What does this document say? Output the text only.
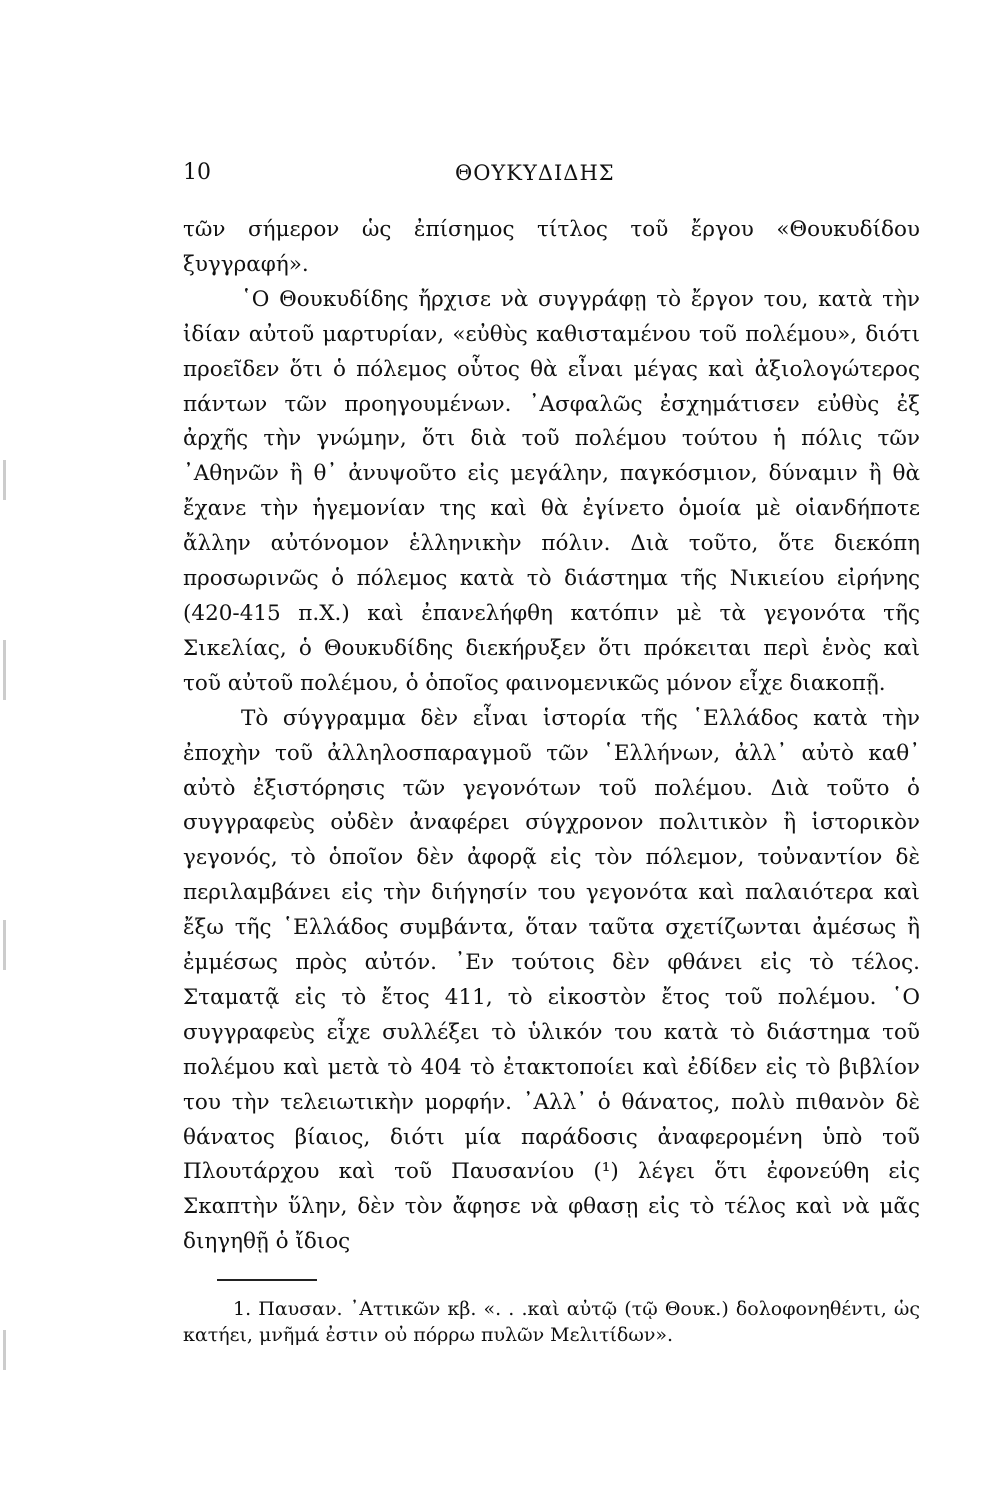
10	ΘΟΥΚΥΔΙΔΗΣ

τῶν σήμερον ὡς ἐπίσημος τίτλος τοῦ ἔργου «Θουκυδίδου ξυγγραφή».

῾Ο Θουκυδίδης ἤρχισε νὰ συγγράφῃ τὸ ἔργον του, κατὰ τὴν ἰδίαν αὐτοῦ μαρτυρίαν, «εὐθὺς καθισταμένου τοῦ πολέμου», διότι προεῖδεν ὅτι ὁ πόλεμος οὗτος θὰ εἶναι μέγας καὶ ἀξιολογώτερος πάντων τῶν προηγουμένων. ᾿Ασφαλῶς ἐσχημάτισεν εὐθὺς ἐξ ἀρχῆς τὴν γνώμην, ὅτι διὰ τοῦ πολέμου τούτου ἡ πόλις τῶν ᾿Αθηνῶν ἢ θ᾿ ἀνυψοῦτο εἰς μεγάλην, παγκόσμιον, δύναμιν ἢ θὰ ἔχανε τὴν ἡγεμονίαν της καὶ θὰ ἐγίνετο ὁμοία μὲ οἱανδήποτε ἄλλην αὐτόνομον ἑλληνικὴν πόλιν. Διὰ τοῦτο, ὅτε διεκόπη προσωρινῶς ὁ πόλεμος κατὰ τὸ διάστημα τῆς Νικιείου εἰρήνης (420-415 π.Χ.) καὶ ἐπανελήφθη κατόπιν μὲ τὰ γεγονότα τῆς Σικελίας, ὁ Θουκυδίδης διεκήρυξεν ὅτι πρόκειται περὶ ἑνὸς καὶ τοῦ αὐτοῦ πολέμου, ὁ ὁποῖος φαινομενικῶς μόνον εἶχε διακοπῇ.

Τὸ σύγγραμμα δὲν εἶναι ἱστορία τῆς ῾Ελλάδος κατὰ τὴν ἐποχὴν τοῦ ἀλληλοσπαραγμοῦ τῶν ῾Ελλήνων, ἀλλ᾿ αὐτὸ καθ᾿ αὐτὸ ἐξιστόρησις τῶν γεγονότων τοῦ πολέμου. Διὰ τοῦτο ὁ συγγραφεὺς οὐδὲν ἀναφέρει σύγχρονον πολιτικὸν ἢ ἱστορικὸν γεγονός, τὸ ὁποῖον δὲν ἀφορᾷ εἰς τὸν πόλεμον, τοὐναντίον δὲ περιλαμβάνει εἰς τὴν διήγησίν του γεγονότα καὶ παλαιότερα καὶ ἔξω τῆς ῾Ελλάδος συμβάντα, ὅταν ταῦτα σχετίζωνται ἀμέσως ἢ ἐμμέσως πρὸς αὐτόν. ᾿Εν τούτοις δὲν φθάνει εἰς τὸ τέλος. Σταματᾷ εἰς τὸ ἔτος 411, τὸ εἰκοστὸν ἔτος τοῦ πολέμου. ῾Ο συγγραφεὺς εἶχε συλλέξει τὸ ὑλικόν του κατὰ τὸ διάστημα τοῦ πολέμου καὶ μετὰ τὸ 404 τὸ ἐτακτοποίει καὶ ἐδίδεν εἰς τὸ βιβλίον του τὴν τελειωτικὴν μορφήν. ᾿Αλλ᾿ ὁ θάνατος, πολὺ πιθανὸν δὲ θάνατος βίαιος, διότι μία παράδοσις ἀναφερομένη ὑπὸ τοῦ Πλουτάρχου καὶ τοῦ Παυσανίου (¹) λέγει ὅτι ἐφονεύθη εἰς Σκαπτὴν ὕλην, δὲν τὸν ἄφησε νὰ φθασῃ εἰς τὸ τέλος καὶ νὰ μᾶς διηγηθῇ ὁ ἴδιος

1. Παυσαν. ᾿Αττικῶν κβ. «. . .καὶ αὐτῷ (τῷ Θουκ.) δολοφονηθέντι, ὡς κατήει, μνῆμά ἐστιν οὐ πόρρω πυλῶν Μελιτίδων».
